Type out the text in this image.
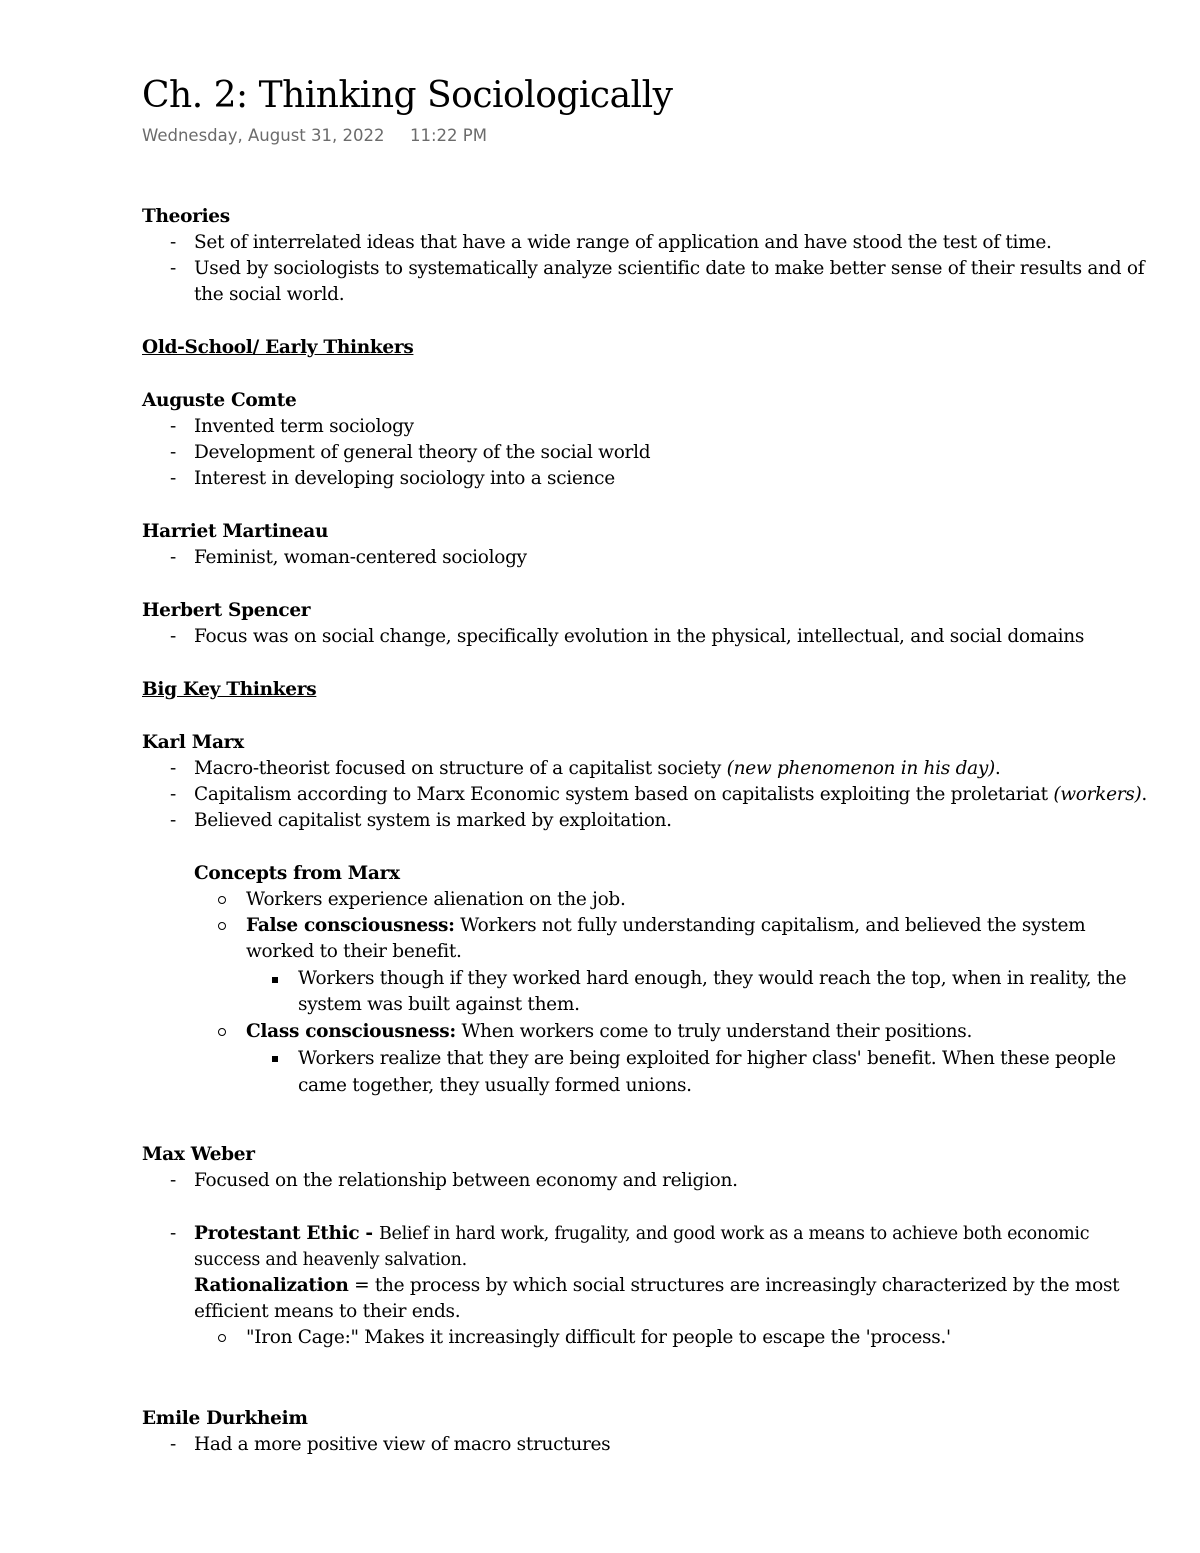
Ch. 2: Thinking Sociologically
Wednesday, August 31, 2022 11:22 PM
Theories
- Set of interrelated ideas that have a wide range of application and have stood the test of time.
- Used by sociologists to systematically analyze scientific date to make better sense of their results and of
the social world.
Old-School/ Early Thinkers
Auguste Comte
- Invented term sociology
- Development of general theory of the social world
- Interest in developing sociology into a science
Harriet Martineau
- Feminist, woman-centered sociology
Herbert Spencer
- Focus was on social change, specifically evolution in the physical, intellectual, and social domains
Big Key Thinkers
Karl Marx
- Macro-theorist focused on structure of a capitalist society (new phenomenon in his day).
- Capitalism according to Marx Economic system based on capitalists exploiting the proletariat (workers).
- Believed capitalist system is marked by exploitation.
Concepts from Marx
Workers experience alienation on the job.
False consciousness: Workers not fully understanding capitalism, and believed the system
worked to their benefit.
Workers though if they worked hard enough, they would reach the top, when in reality, the
system was built against them.
Class consciousness: When workers come to truly understand their positions.
Workers realize that they are being exploited for higher class' benefit. When these people
came together, they usually formed unions.
Max Weber
- Focused on the relationship between economy and religion.
- Protestant Ethic - Belief in hard work, frugality, and good work as a means to achieve both economic
success and heavenly salvation.
Rationalization = the process by which social structures are increasingly characterized by the most
efficient means to their ends.
"Iron Cage:" Makes it increasingly difficult for people to escape the 'process.'
Emile Durkheim
- Had a more positive view of macro structures
